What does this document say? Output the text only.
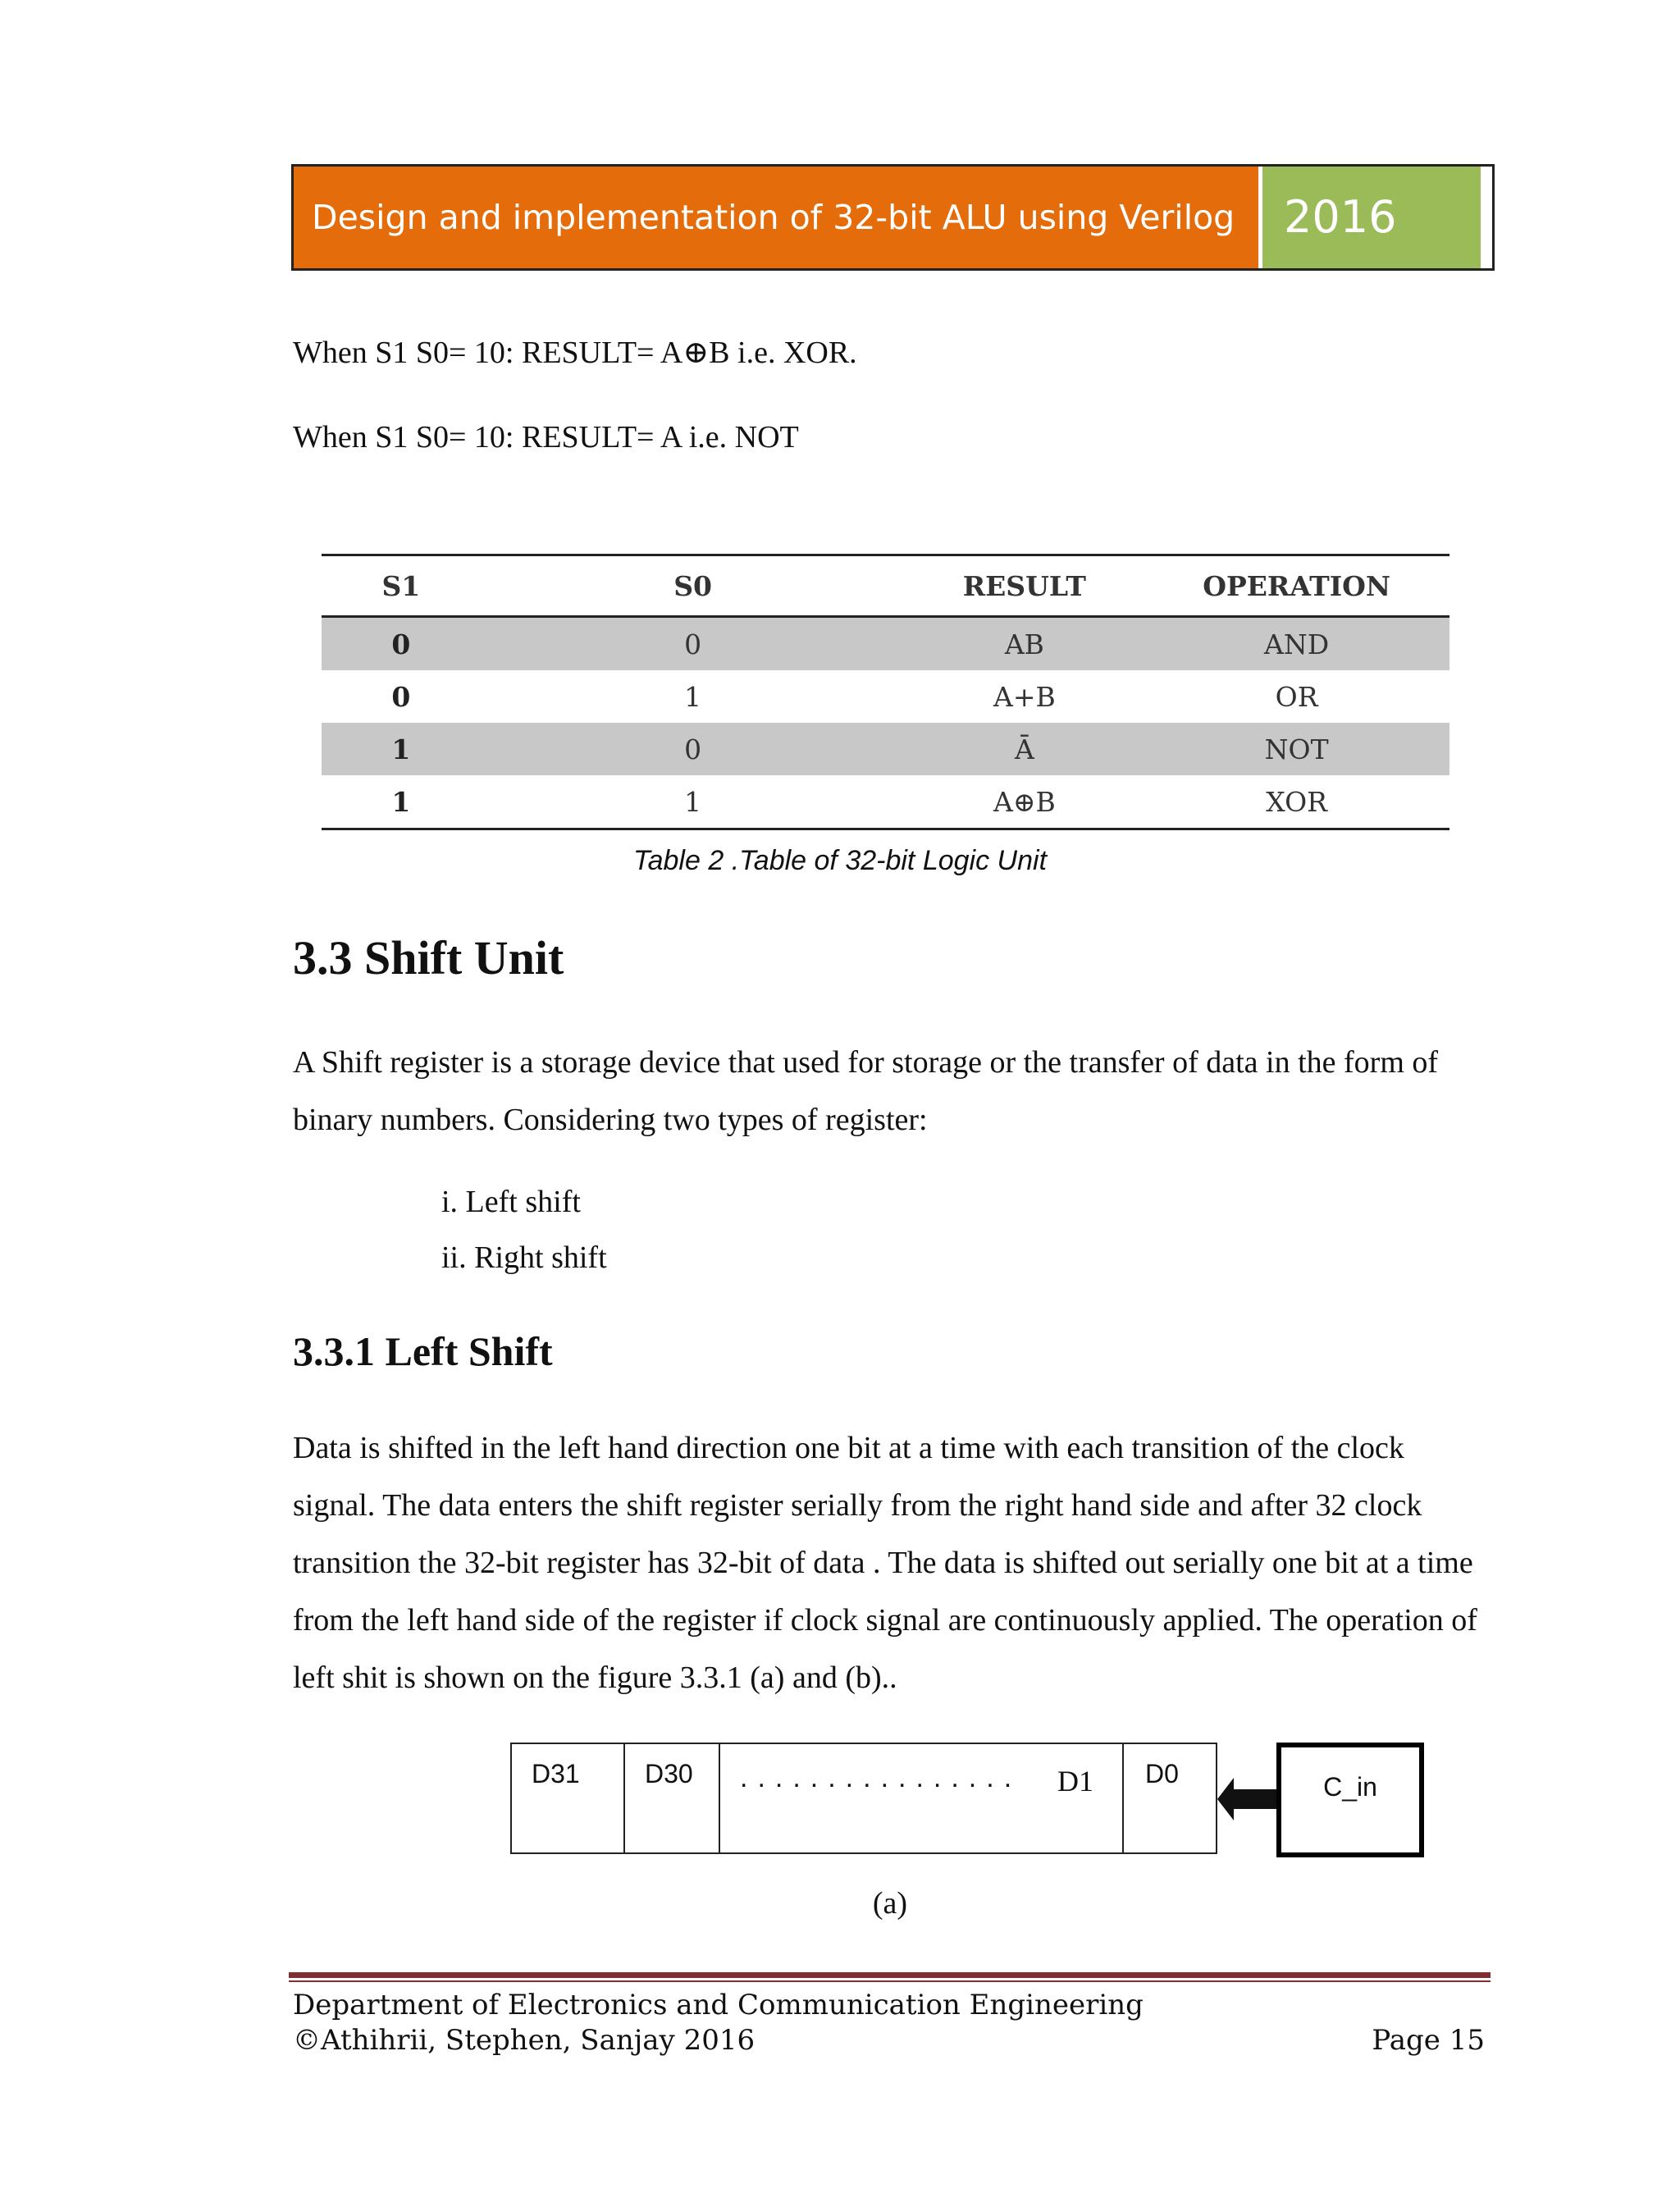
Design and implementation of 32-bit ALU using Verilog	2016
When S1 S0= 10: RESULT= A⊕B i.e. XOR.
When S1 S0= 10: RESULT= A i.e. NOT
S1	S0	RESULT	OPERATION
0	0	AB	AND
0	1	A+B	OR
1	0	Ā	NOT
1	1	A⊕B	XOR
Table 2 .Table of 32-bit Logic Unit
3.3 Shift Unit
A Shift register is a storage device that used for storage or the transfer of data in the form of binary numbers. Considering two types of register:
i. Left shift
ii. Right shift
3.3.1 Left Shift
Data is shifted in the left hand direction one bit at a time with each transition of the clock signal. The data enters the shift register serially from the right hand side and after 32 clock transition the 32-bit register has 32-bit of data . The data is shifted out serially one bit at a time from the left hand side of the register if clock signal are continuously applied. The operation of left shit is shown on the figure 3.3.1 (a) and (b)..
D31 D30 ................ D1 D0	C_in
(a)
Department of Electronics and Communication Engineering
©Athihrii, Stephen, Sanjay 2016	Page 15
